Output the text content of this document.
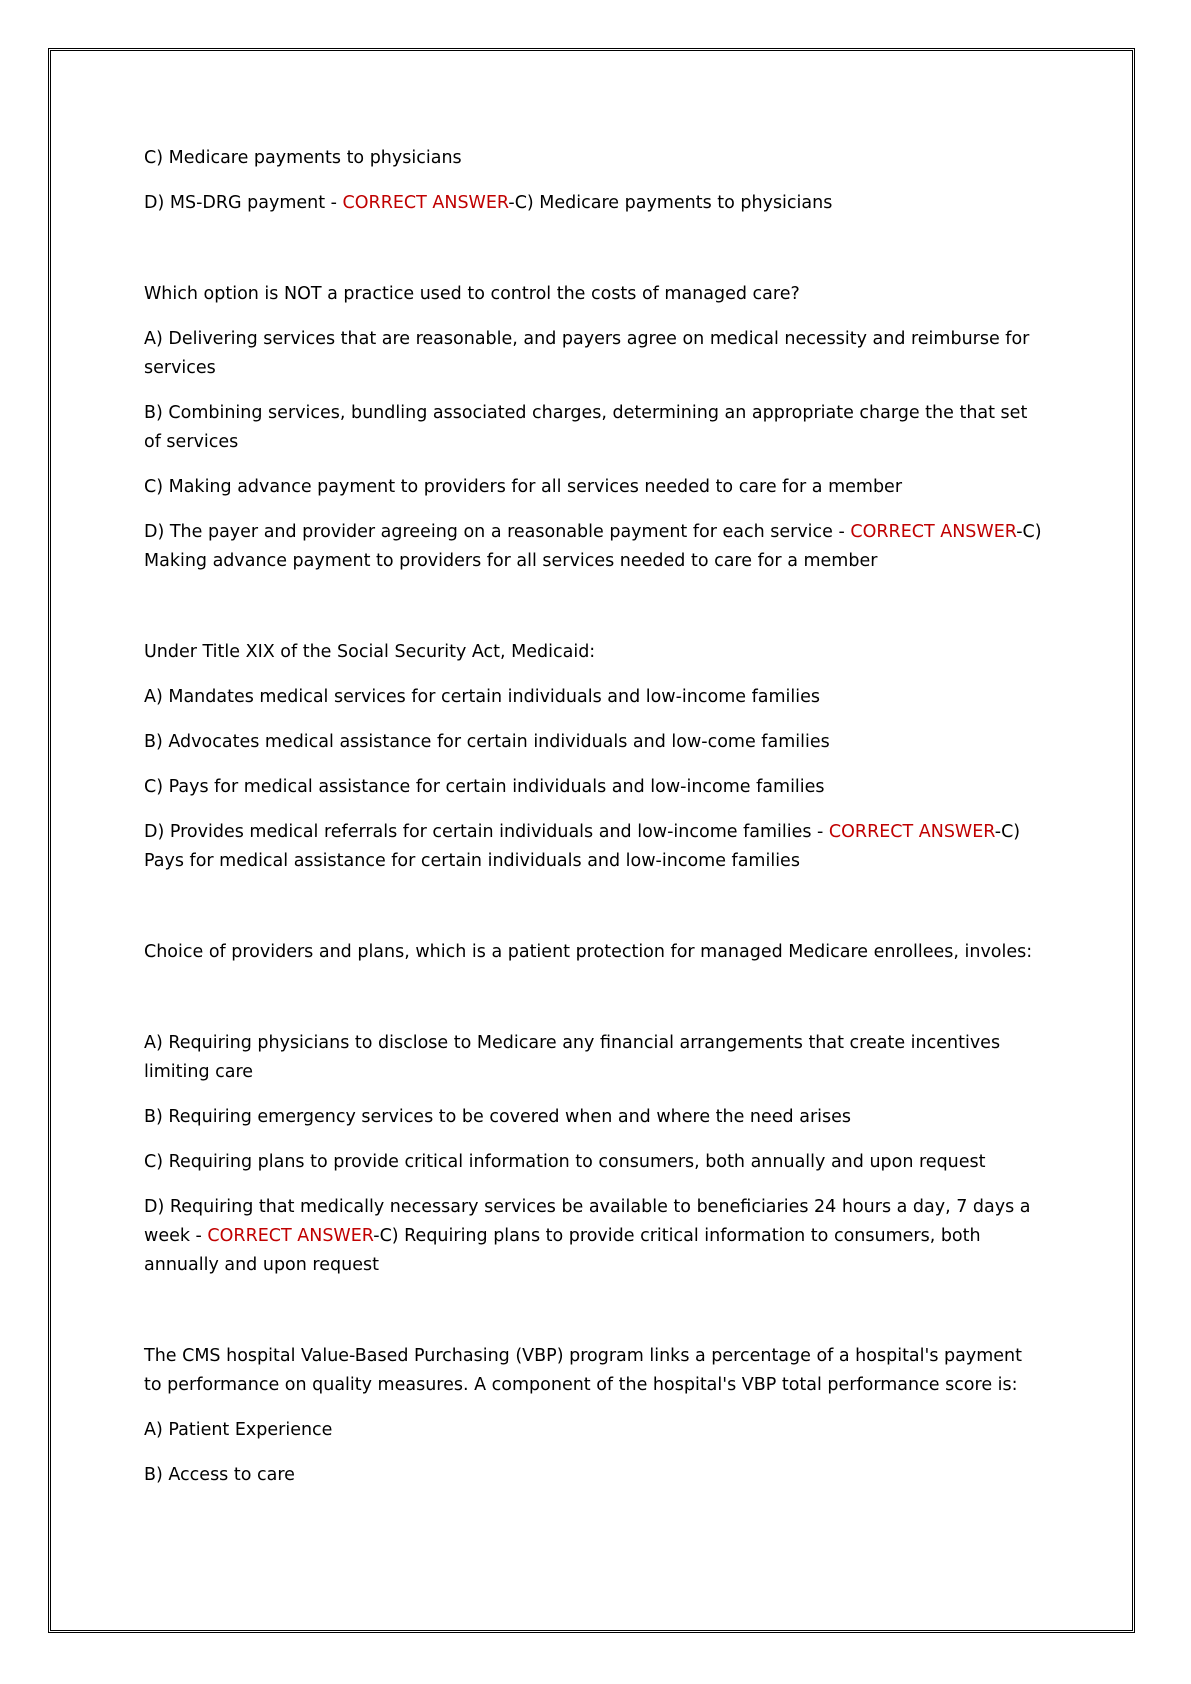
C) Medicare payments to physicians

D) MS-DRG payment - CORRECT ANSWER-C) Medicare payments to physicians

Which option is NOT a practice used to control the costs of managed care?

A) Delivering services that are reasonable, and payers agree on medical necessity and reimburse for services

B) Combining services, bundling associated charges, determining an appropriate charge the that set of services

C) Making advance payment to providers for all services needed to care for a member

D) The payer and provider agreeing on a reasonable payment for each service - CORRECT ANSWER-C) Making advance payment to providers for all services needed to care for a member

Under Title XIX of the Social Security Act, Medicaid:

A) Mandates medical services for certain individuals and low-income families

B) Advocates medical assistance for certain individuals and low-come families

C) Pays for medical assistance for certain individuals and low-income families

D) Provides medical referrals for certain individuals and low-income families - CORRECT ANSWER-C) Pays for medical assistance for certain individuals and low-income families

Choice of providers and plans, which is a patient protection for managed Medicare enrollees, involes:

A) Requiring physicians to disclose to Medicare any financial arrangements that create incentives limiting care

B) Requiring emergency services to be covered when and where the need arises

C) Requiring plans to provide critical information to consumers, both annually and upon request

D) Requiring that medically necessary services be available to beneficiaries 24 hours a day, 7 days a week - CORRECT ANSWER-C) Requiring plans to provide critical information to consumers, both annually and upon request

The CMS hospital Value-Based Purchasing (VBP) program links a percentage of a hospital's payment to performance on quality measures. A component of the hospital's VBP total performance score is:

A) Patient Experience

B) Access to care
